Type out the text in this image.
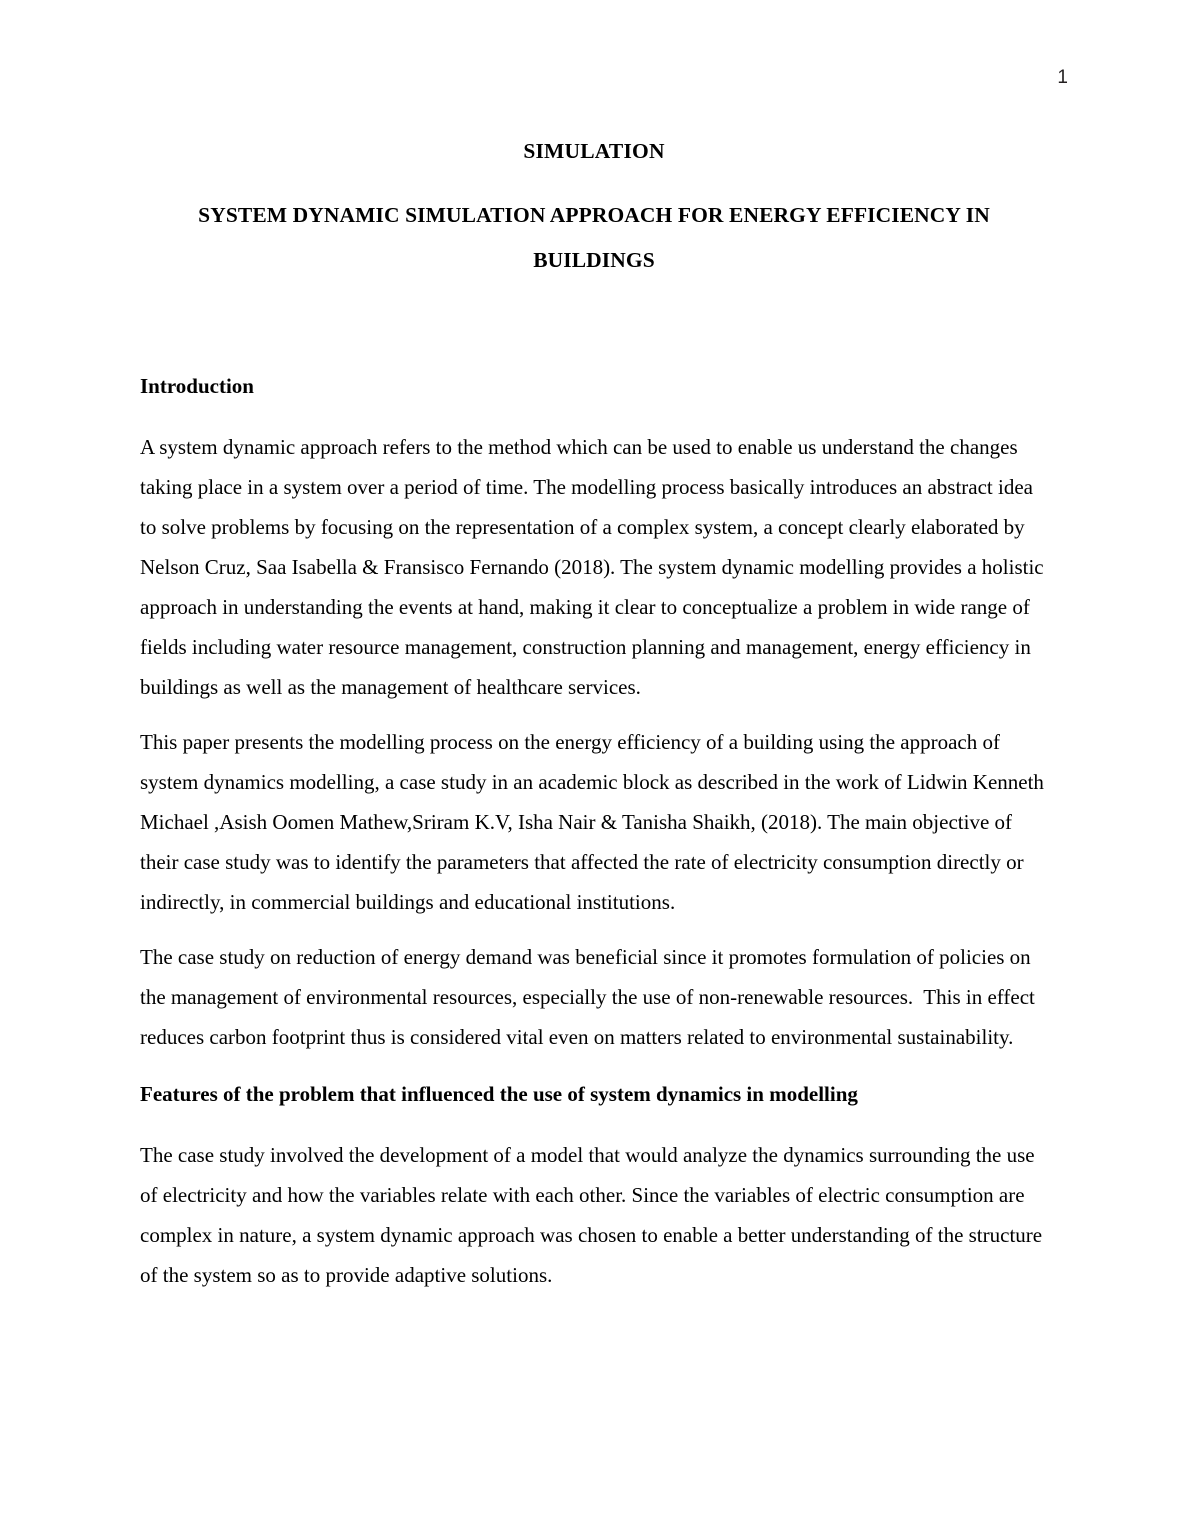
1
SIMULATION
SYSTEM DYNAMIC SIMULATION APPROACH FOR ENERGY EFFICIENCY IN BUILDINGS
Introduction
A system dynamic approach refers to the method which can be used to enable us understand the changes taking place in a system over a period of time. The modelling process basically introduces an abstract idea to solve problems by focusing on the representation of a complex system, a concept clearly elaborated by Nelson Cruz, Saa Isabella & Fransisco Fernando (2018). The system dynamic modelling provides a holistic approach in understanding the events at hand, making it clear to conceptualize a problem in wide range of fields including water resource management, construction planning and management, energy efficiency in buildings as well as the management of healthcare services.
This paper presents the modelling process on the energy efficiency of a building using the approach of system dynamics modelling, a case study in an academic block as described in the work of Lidwin Kenneth Michael ,Asish Oomen Mathew,Sriram K.V, Isha Nair & Tanisha Shaikh, (2018). The main objective of their case study was to identify the parameters that affected the rate of electricity consumption directly or indirectly, in commercial buildings and educational institutions.
The case study on reduction of energy demand was beneficial since it promotes formulation of policies on the management of environmental resources, especially the use of non-renewable resources.  This in effect reduces carbon footprint thus is considered vital even on matters related to environmental sustainability.
Features of the problem that influenced the use of system dynamics in modelling
The case study involved the development of a model that would analyze the dynamics surrounding the use of electricity and how the variables relate with each other. Since the variables of electric consumption are complex in nature, a system dynamic approach was chosen to enable a better understanding of the structure of the system so as to provide adaptive solutions.
